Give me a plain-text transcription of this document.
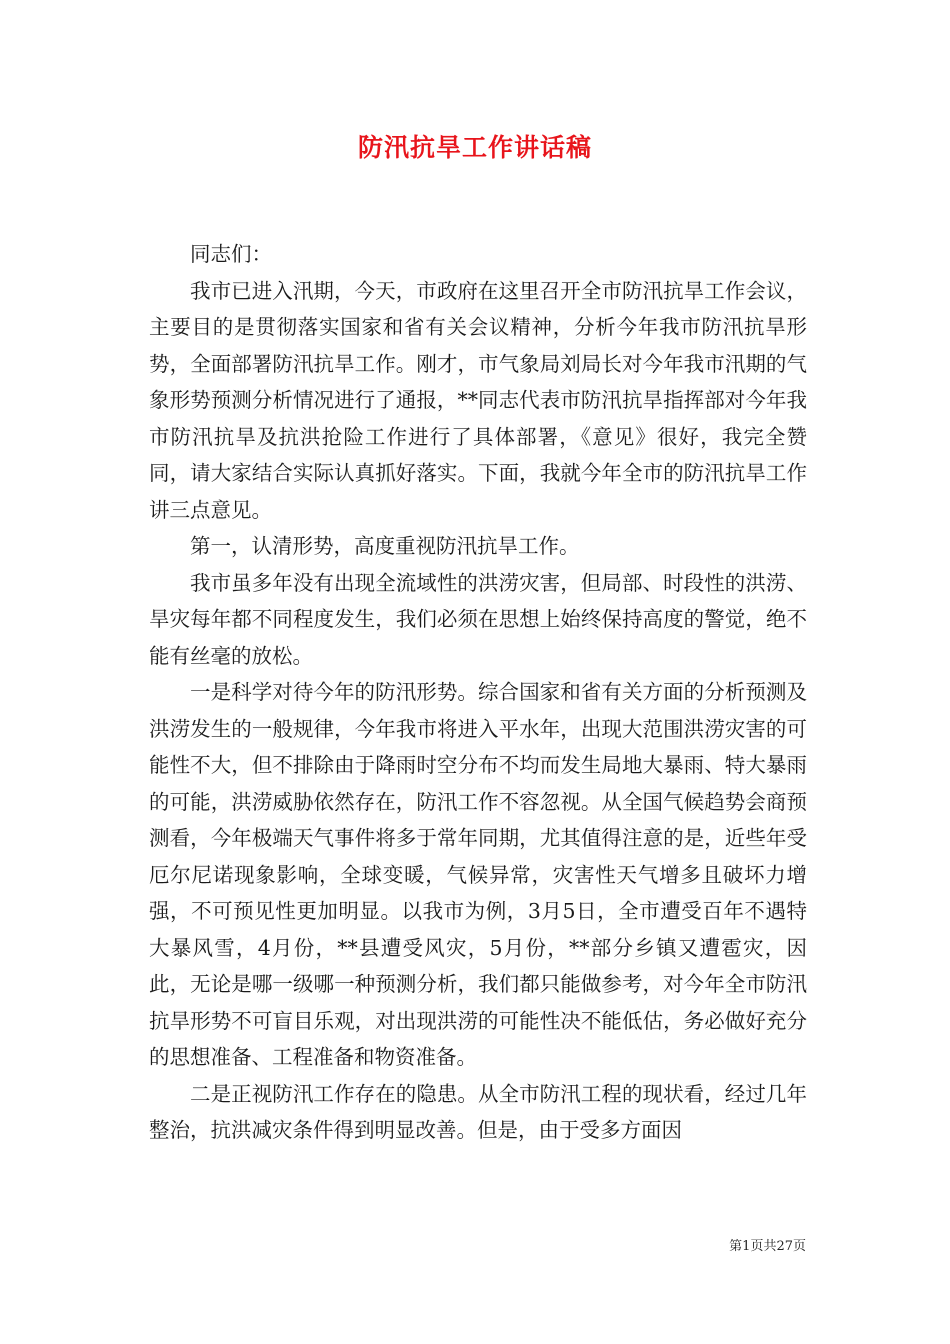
防汛抗旱工作讲话稿

同志们：

我市已进入汛期，今天，市政府在这里召开全市防汛抗旱工作会议，主要目的是贯彻落实国家和省有关会议精神，分析今年我市防汛抗旱形势，全面部署防汛抗旱工作。刚才，市气象局刘局长对今年我市汛期的气象形势预测分析情况进行了通报，**同志代表市防汛抗旱指挥部对今年我市防汛抗旱及抗洪抢险工作进行了具体部署，《意见》很好，我完全赞同，请大家结合实际认真抓好落实。下面，我就今年全市的防汛抗旱工作讲三点意见。

第一，认清形势，高度重视防汛抗旱工作。

我市虽多年没有出现全流域性的洪涝灾害，但局部、时段性的洪涝、旱灾每年都不同程度发生，我们必须在思想上始终保持高度的警觉，绝不能有丝毫的放松。

一是科学对待今年的防汛形势。综合国家和省有关方面的分析预测及洪涝发生的一般规律，今年我市将进入平水年，出现大范围洪涝灾害的可能性不大，但不排除由于降雨时空分布不均而发生局地大暴雨、特大暴雨的可能，洪涝威胁依然存在，防汛工作不容忽视。从全国气候趋势会商预测看，今年极端天气事件将多于常年同期，尤其值得注意的是，近些年受厄尔尼诺现象影响，全球变暖，气候异常，灾害性天气增多且破坏力增强，不可预见性更加明显。以我市为例，3月5日，全市遭受百年不遇特大暴风雪，4月份，**县遭受风灾，5月份，**部分乡镇又遭雹灾，因此，无论是哪一级哪一种预测分析，我们都只能做参考，对今年全市防汛抗旱形势不可盲目乐观，对出现洪涝的可能性决不能低估，务必做好充分的思想准备、工程准备和物资准备。

二是正视防汛工作存在的隐患。从全市防汛工程的现状看，经过几年整治，抗洪减灾条件得到明显改善。但是，由于受多方面因

第1页共27页
